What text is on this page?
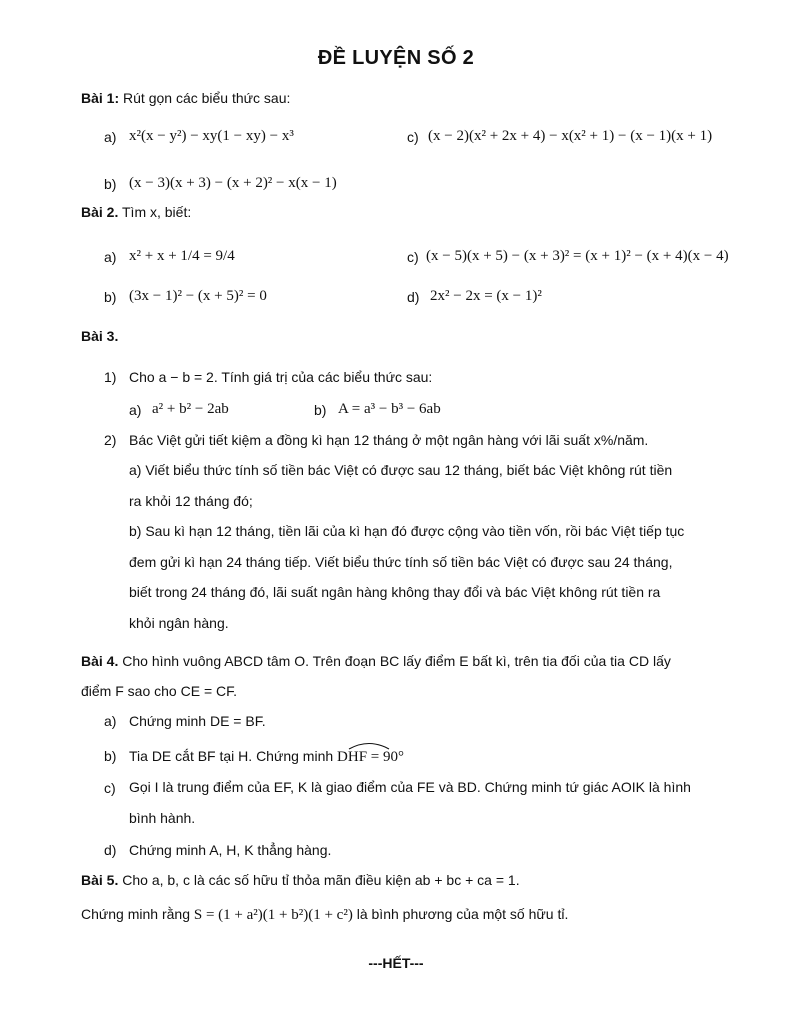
ĐỀ LUYỆN SỐ 2
Bài 1: Rút gọn các biểu thức sau:
a) x²(x − y²) − xy(1 − xy) − x³	c) (x − 2)(x² + 2x + 4) − x(x² + 1) − (x − 1)(x + 1)
b) (x − 3)(x + 3) − (x + 2)² − x(x − 1)
Bài 2. Tìm x, biết:
a) x² + x + 1/4 = 9/4	c) (x − 5)(x + 5) − (x + 3)² = (x + 1)² − (x + 4)(x − 4)
b) (3x − 1)² − (x + 5)² = 0	d) 2x² − 2x = (x − 1)²
Bài 3.
1) Cho a − b = 2. Tính giá trị của các biểu thức sau:
a) a² + b² − 2ab	b) A = a³ − b³ − 6ab
2) Bác Việt gửi tiết kiệm a đồng kì hạn 12 tháng ở một ngân hàng với lãi suất x%/năm.
a) Viết biểu thức tính số tiền bác Việt có được sau 12 tháng, biết bác Việt không rút tiền
ra khỏi 12 tháng đó;
b) Sau kì hạn 12 tháng, tiền lãi của kì hạn đó được cộng vào tiền vốn, rồi bác Việt tiếp tục
đem gửi kì hạn 24 tháng tiếp. Viết biểu thức tính số tiền bác Việt có được sau 24 tháng,
biết trong 24 tháng đó, lãi suất ngân hàng không thay đổi và bác Việt không rút tiền ra
khỏi ngân hàng.
Bài 4. Cho hình vuông ABCD tâm O. Trên đoạn BC lấy điểm E bất kì, trên tia đối của tia CD lấy
điểm F sao cho CE = CF.
a) Chứng minh DE = BF.
b) Tia DE cắt BF tại H. Chứng minh DHF = 90°
c) Gọi I là trung điểm của EF, K là giao điểm của FE và BD. Chứng minh tứ giác AOIK là hình
bình hành.
d) Chứng minh A, H, K thẳng hàng.
Bài 5. Cho a, b, c là các số hữu tỉ thỏa mãn điều kiện ab + bc + ca = 1.
Chứng minh rằng S = (1 + a²)(1 + b²)(1 + c²) là bình phương của một số hữu tỉ.
---HẾT---
